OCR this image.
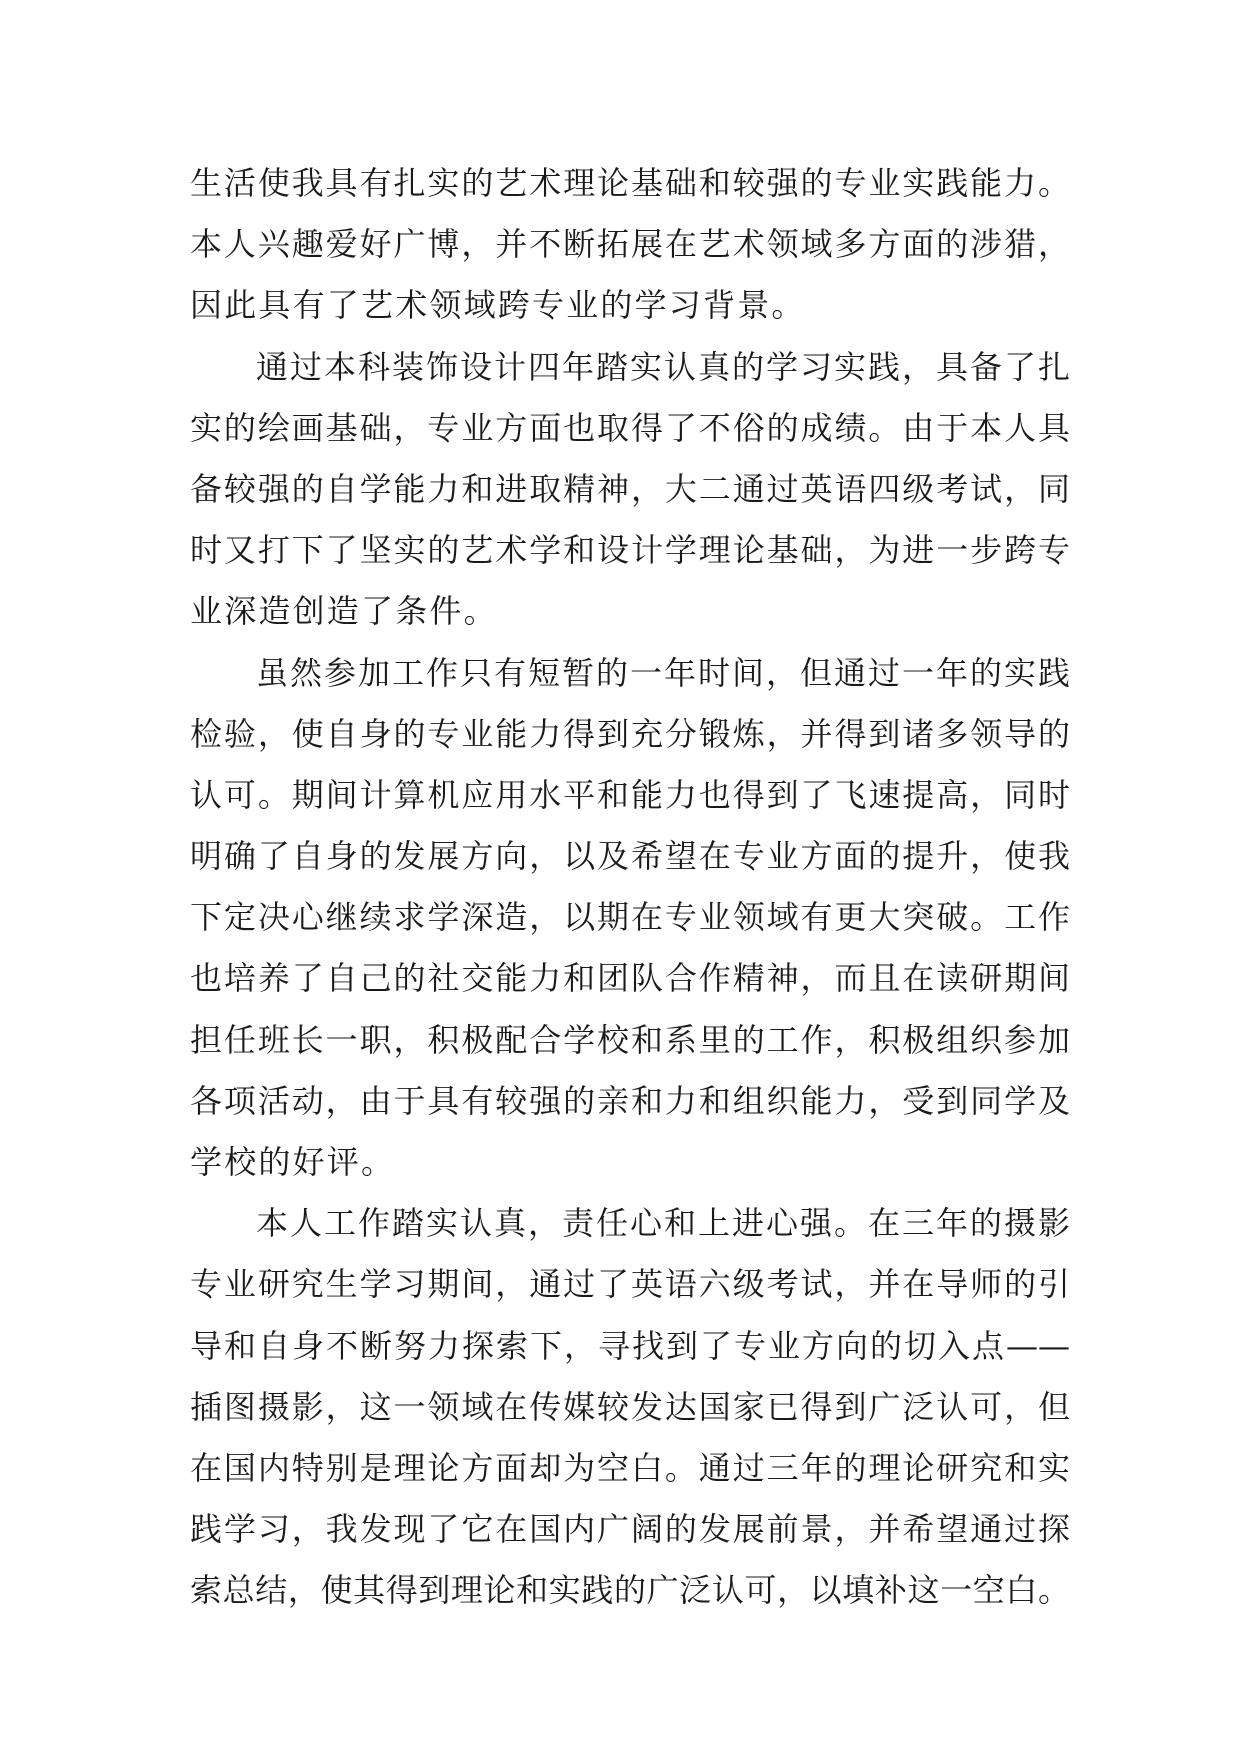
生活使我具有扎实的艺术理论基础和较强的专业实践能力。
本人兴趣爱好广博，并不断拓展在艺术领域多方面的涉猎，
因此具有了艺术领域跨专业的学习背景。
通过本科装饰设计四年踏实认真的学习实践，具备了扎
实的绘画基础，专业方面也取得了不俗的成绩。由于本人具
备较强的自学能力和进取精神，大二通过英语四级考试，同
时又打下了坚实的艺术学和设计学理论基础，为进一步跨专
业深造创造了条件。
虽然参加工作只有短暂的一年时间，但通过一年的实践
检验，使自身的专业能力得到充分锻炼，并得到诸多领导的
认可。期间计算机应用水平和能力也得到了飞速提高，同时
明确了自身的发展方向，以及希望在专业方面的提升，使我
下定决心继续求学深造，以期在专业领域有更大突破。工作
也培养了自己的社交能力和团队合作精神，而且在读研期间
担任班长一职，积极配合学校和系里的工作，积极组织参加
各项活动，由于具有较强的亲和力和组织能力，受到同学及
学校的好评。
本人工作踏实认真，责任心和上进心强。在三年的摄影
专业研究生学习期间，通过了英语六级考试，并在导师的引
导和自身不断努力探索下，寻找到了专业方向的切入点——
插图摄影，这一领域在传媒较发达国家已得到广泛认可，但
在国内特别是理论方面却为空白。通过三年的理论研究和实
践学习，我发现了它在国内广阔的发展前景，并希望通过探
索总结，使其得到理论和实践的广泛认可，以填补这一空白。
